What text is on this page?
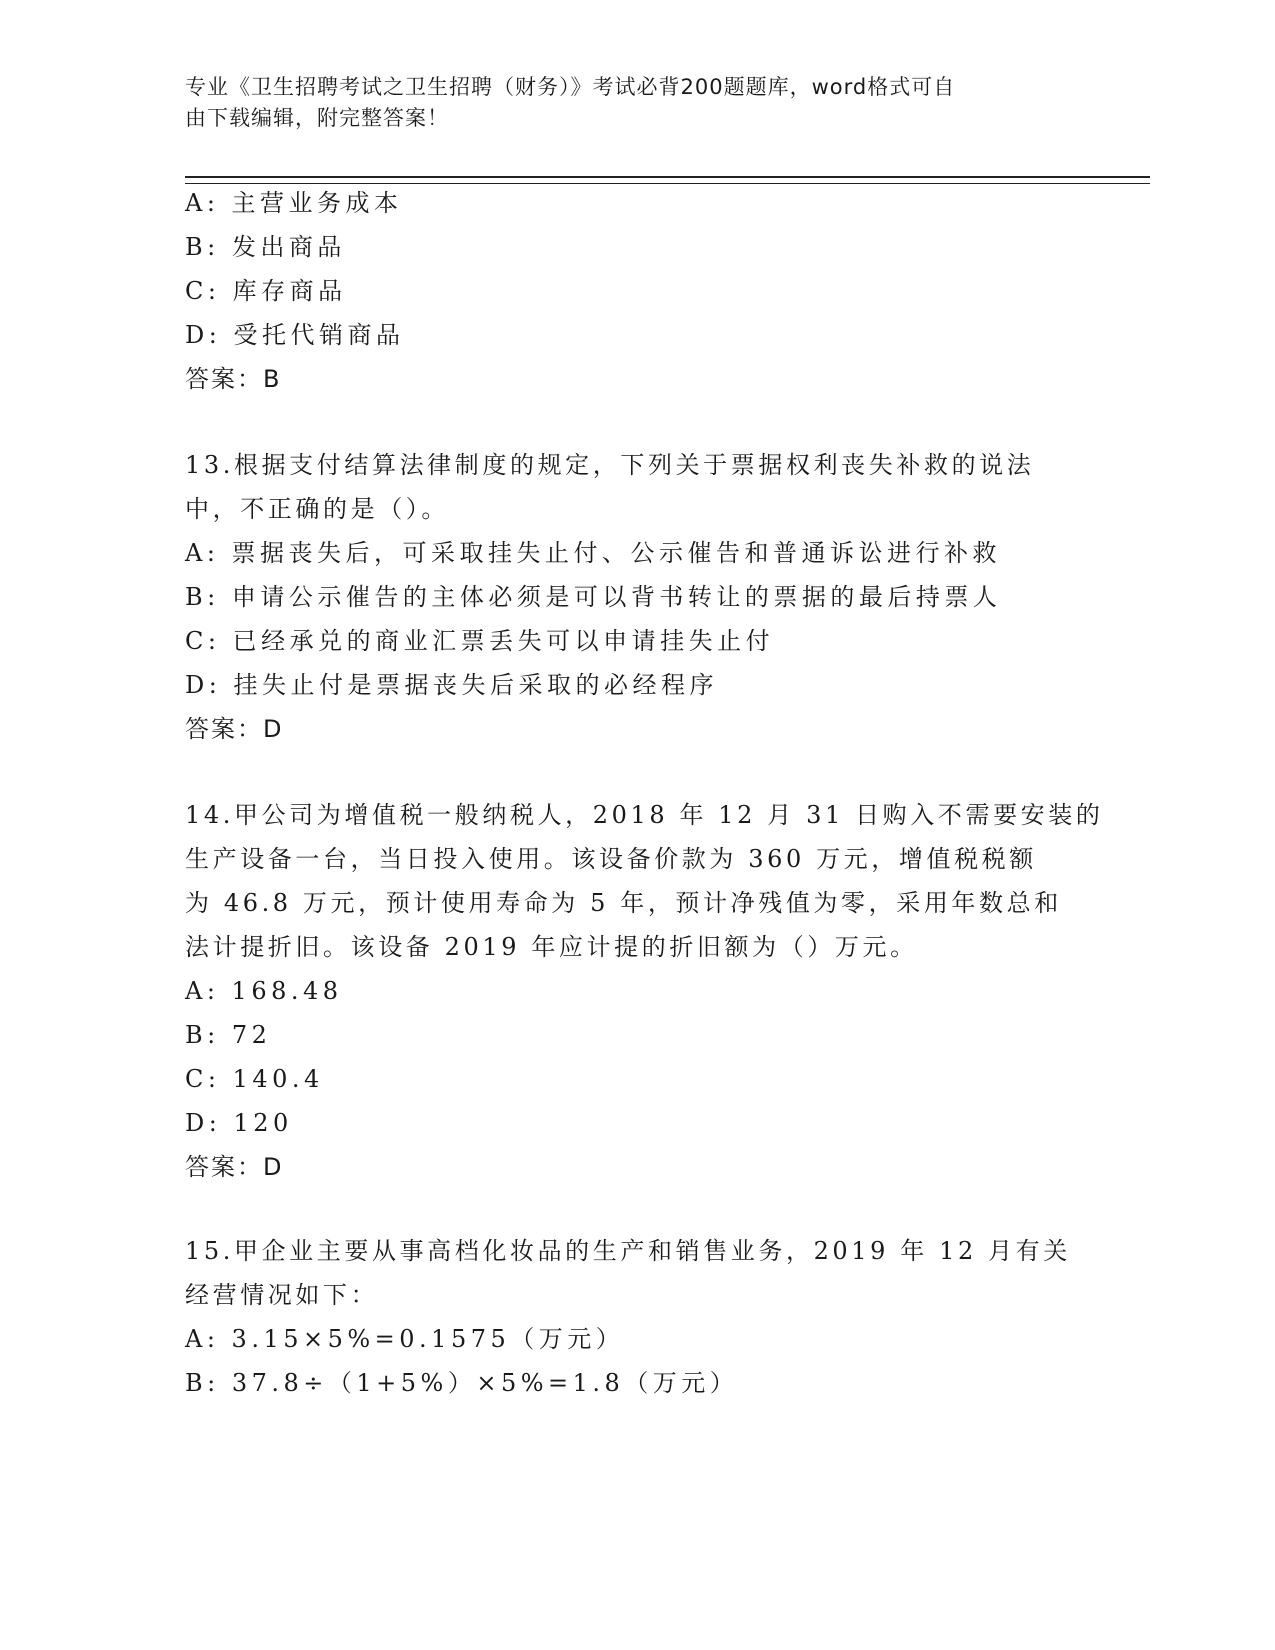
专业《卫生招聘考试之卫生招聘（财务）》考试必背200题题库，word格式可自
由下载编辑，附完整答案！
A: 主营业务成本
B: 发出商品
C: 库存商品
D: 受托代销商品
答案：B
13.根据支付结算法律制度的规定，下列关于票据权利丧失补救的说法
中，不正确的是（）。
A: 票据丧失后，可采取挂失止付、公示催告和普通诉讼进行补救
B: 申请公示催告的主体必须是可以背书转让的票据的最后持票人
C: 已经承兑的商业汇票丢失可以申请挂失止付
D: 挂失止付是票据丧失后采取的必经程序
答案：D
14.甲公司为增值税一般纳税人，2018 年 12 月 31 日购入不需要安装的
生产设备一台，当日投入使用。该设备价款为 360 万元，增值税税额
为 46.8 万元，预计使用寿命为 5 年，预计净残值为零，采用年数总和
法计提折旧。该设备 2019 年应计提的折旧额为（）万元。
A: 168.48
B: 72
C: 140.4
D: 120
答案：D
15.甲企业主要从事高档化妆品的生产和销售业务，2019 年 12 月有关
经营情况如下：
A: 3.15×5%=0.1575（万元）
B: 37.8÷（1+5%）×5%=1.8（万元）
